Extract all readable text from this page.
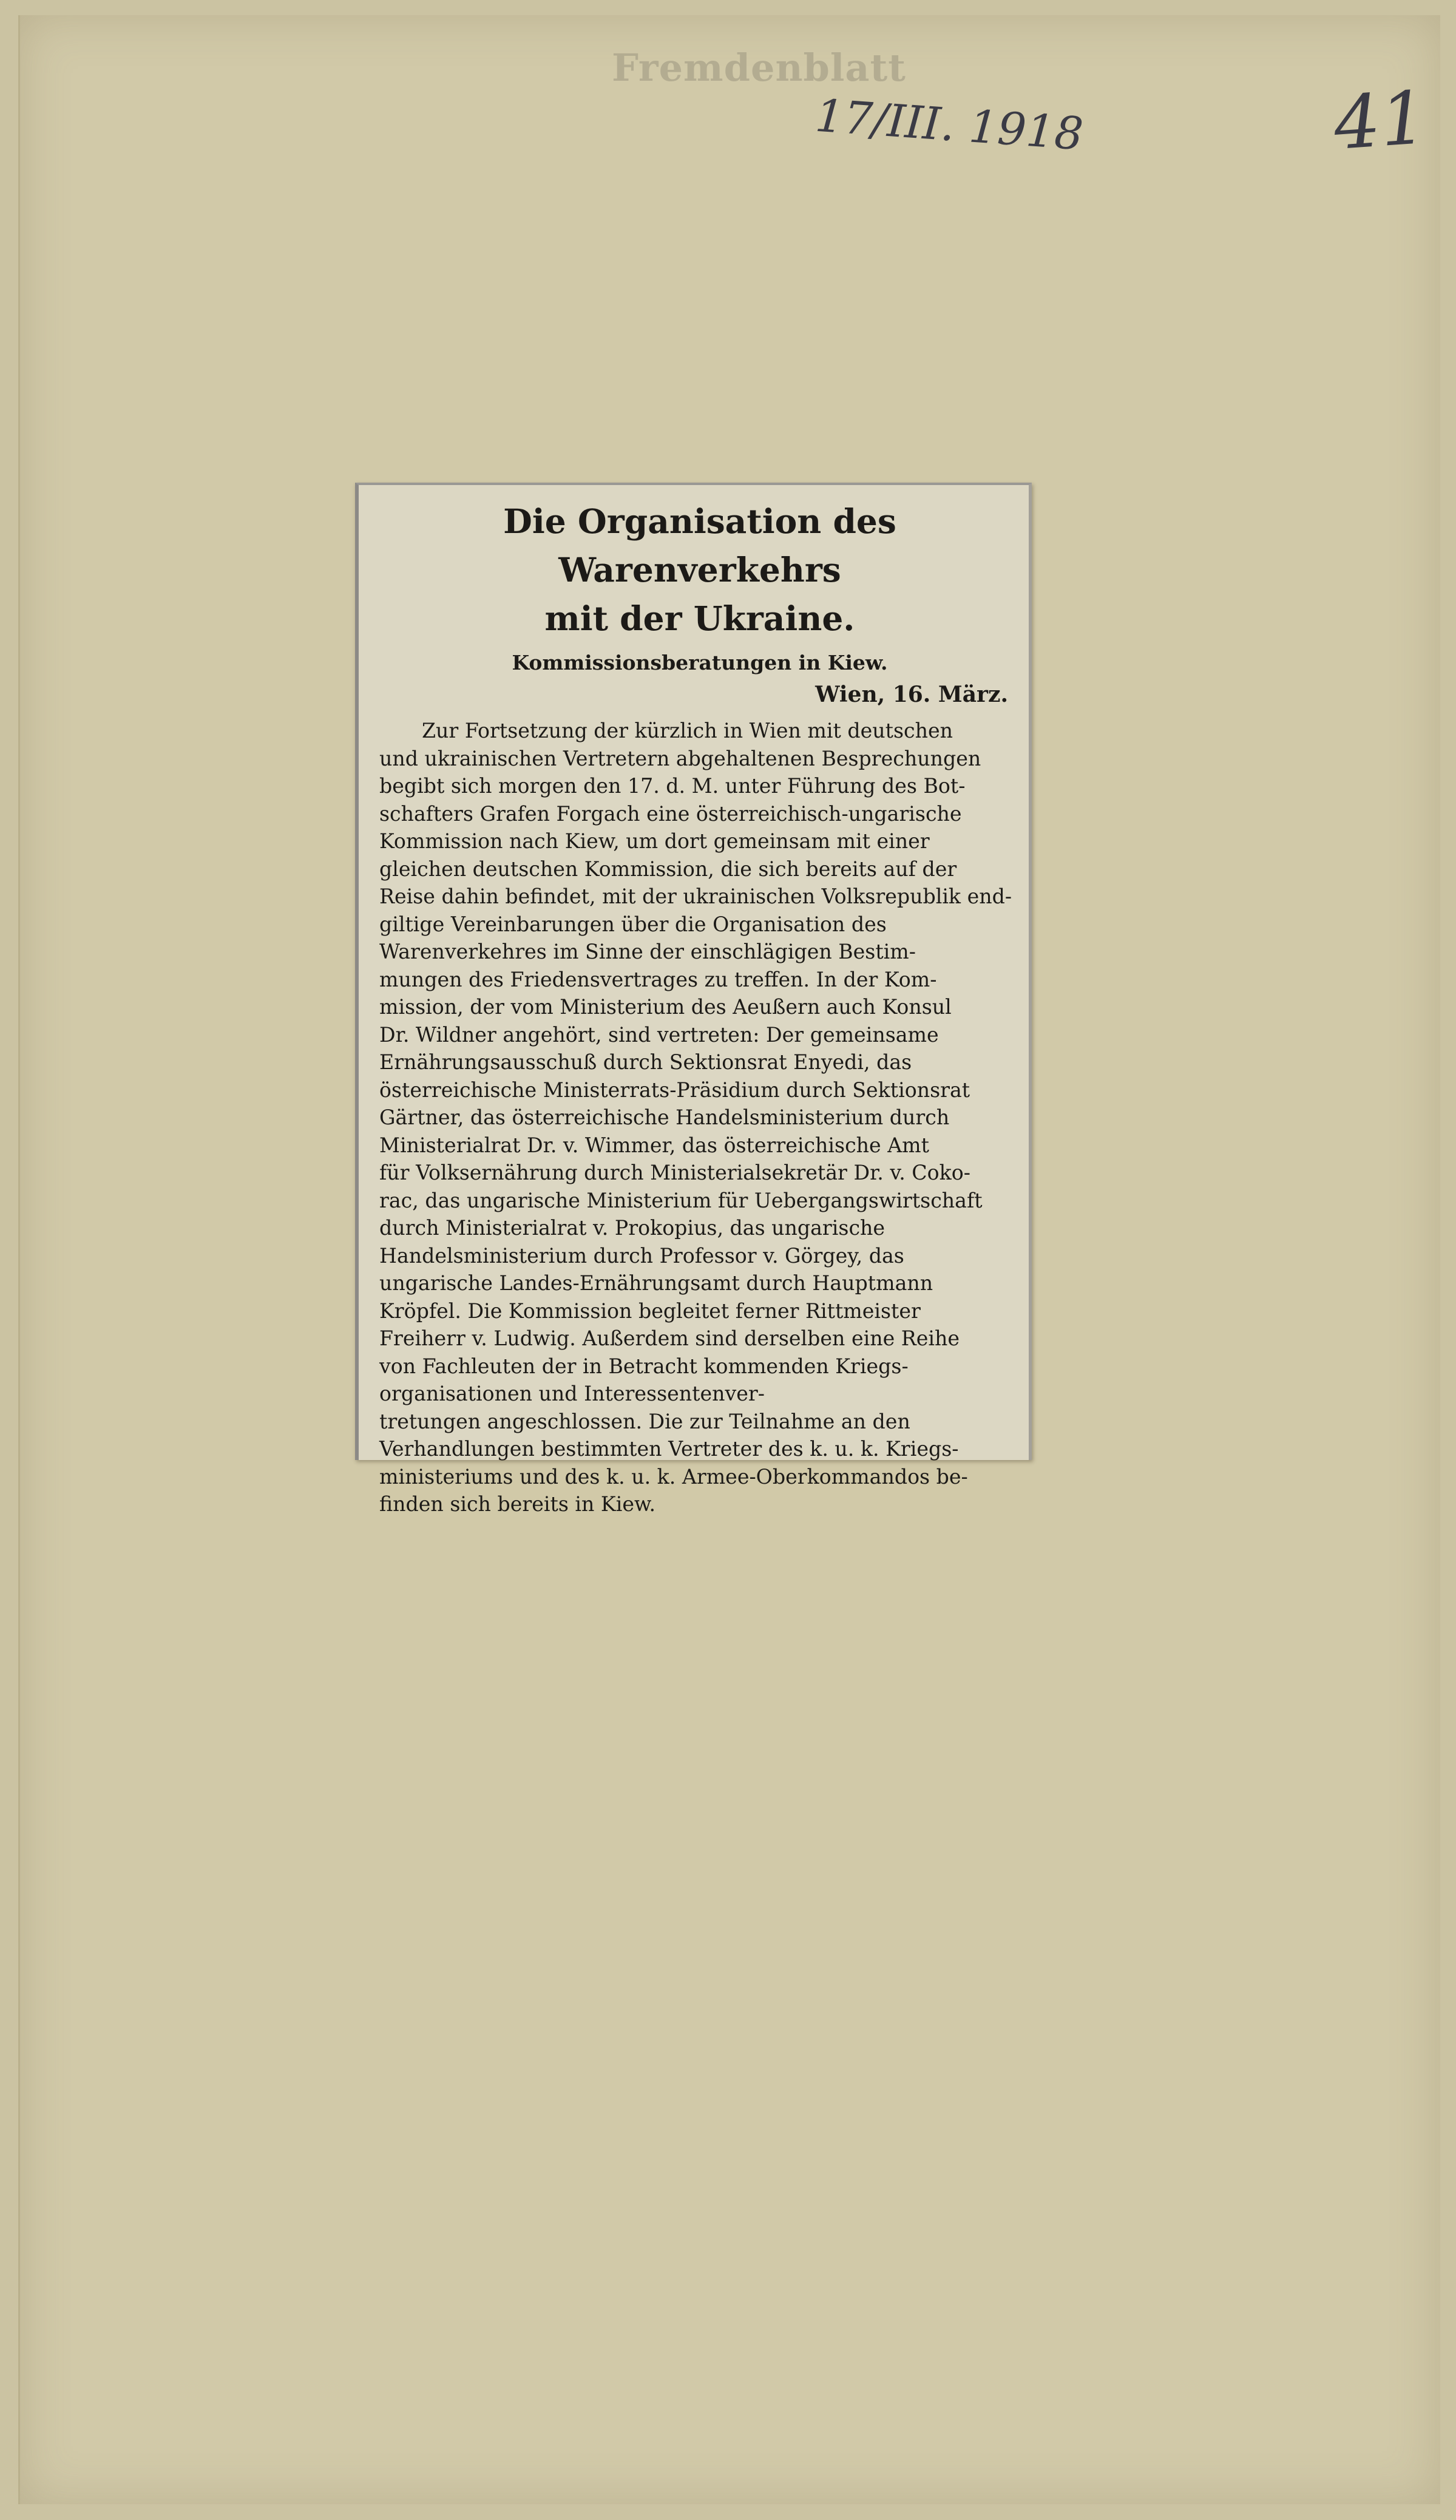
Fremdenblatt
17/III. 1918	41
Die Organisation des Warenverkehrs
mit der Ukraine.
Kommissionsberatungen in Kiew.
Wien, 16. März.

Zur Fortsetzung der kürzlich in Wien mit deutschen
und ukrainischen Vertretern abgehaltenen Besprechungen
begibt sich morgen den 17. d. M. unter Führung des Bot-
schafters Grafen Forgach eine österreichisch-ungarische
Kommission nach Kiew, um dort gemeinsam mit einer
gleichen deutschen Kommission, die sich bereits auf der
Reise dahin befindet, mit der ukrainischen Volksrepublik end-
giltige Vereinbarungen über die Organisation des
Warenverkehres im Sinne der einschlägigen Bestim-
mungen des Friedensvertrages zu treffen. In der Kom-
mission, der vom Ministerium des Aeußern auch Konsul
Dr. Wildner angehört, sind vertreten: Der gemeinsame
Ernährungsausschuß durch Sektionsrat Enyedi, das
österreichische Ministerrats-Präsidium durch Sektionsrat
Gärtner, das österreichische Handelsministerium durch
Ministerialrat Dr. v. Wimmer, das österreichische Amt
für Volksernährung durch Ministerialsekretär Dr. v. Coko-
rac, das ungarische Ministerium für Uebergangswirtschaft
durch Ministerialrat v. Prokopius, das ungarische
Handelsministerium durch Professor v. Görgey, das
ungarische Landes-Ernährungsamt durch Hauptmann
Kröpfel. Die Kommission begleitet ferner Rittmeister
Freiherr v. Ludwig. Außerdem sind derselben eine Reihe
von Fachleuten der in Betracht kommenden Kriegs-
organisationen und Interessentenver-
tretungen angeschlossen. Die zur Teilnahme an den
Verhandlungen bestimmten Vertreter des k. u. k. Kriegs-
ministeriums und des k. u. k. Armee-Oberkommandos be-
finden sich bereits in Kiew.
